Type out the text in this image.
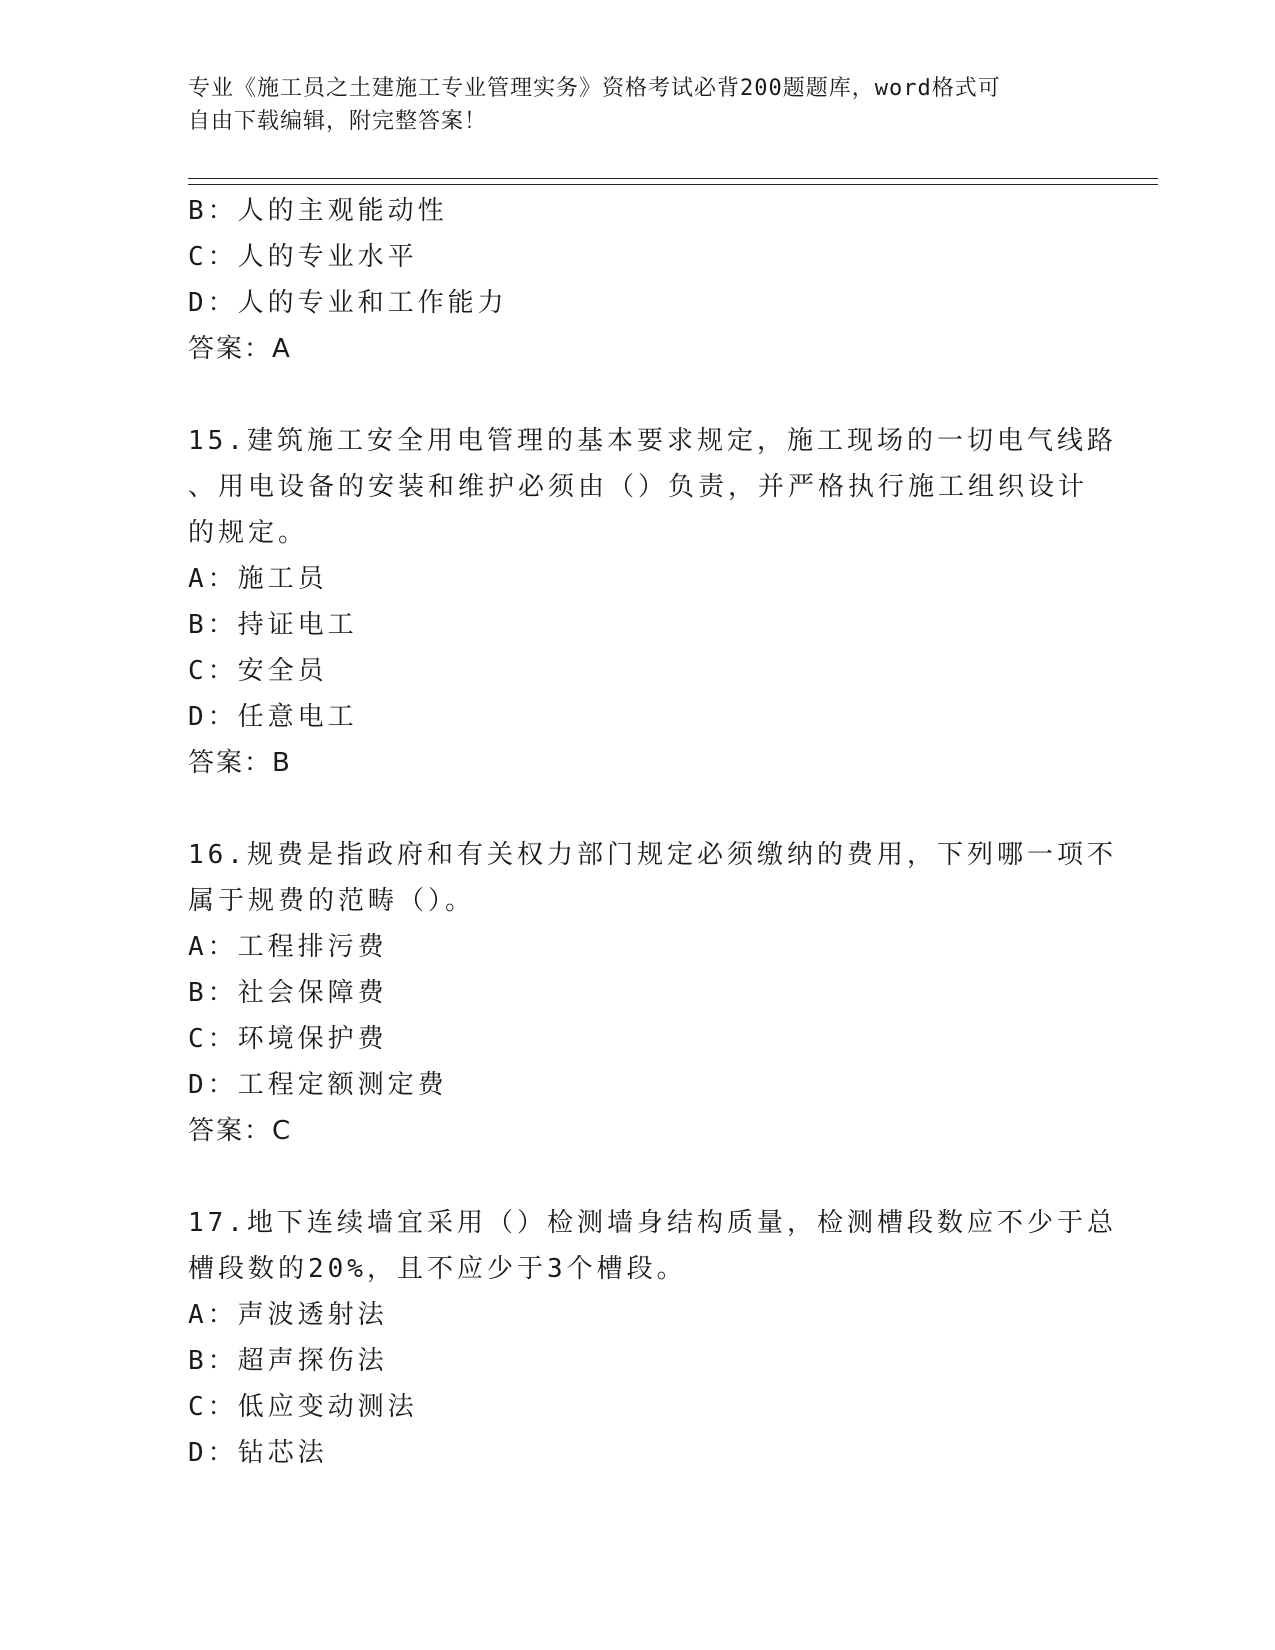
专业《施工员之土建施工专业管理实务》资格考试必背200题题库，word格式可
自由下载编辑，附完整答案！
B：人的主观能动性
C：人的专业水平
D：人的专业和工作能力
答案：A
15.建筑施工安全用电管理的基本要求规定，施工现场的一切电气线路
、用电设备的安装和维护必须由（）负责，并严格执行施工组织设计
的规定。
A：施工员
B：持证电工
C：安全员
D：任意电工
答案：B
16.规费是指政府和有关权力部门规定必须缴纳的费用，下列哪一项不
属于规费的范畴（）。
A：工程排污费
B：社会保障费
C：环境保护费
D：工程定额测定费
答案：C
17.地下连续墙宜采用（）检测墙身结构质量，检测槽段数应不少于总
槽段数的20%，且不应少于3个槽段。
A：声波透射法
B：超声探伤法
C：低应变动测法
D：钻芯法
